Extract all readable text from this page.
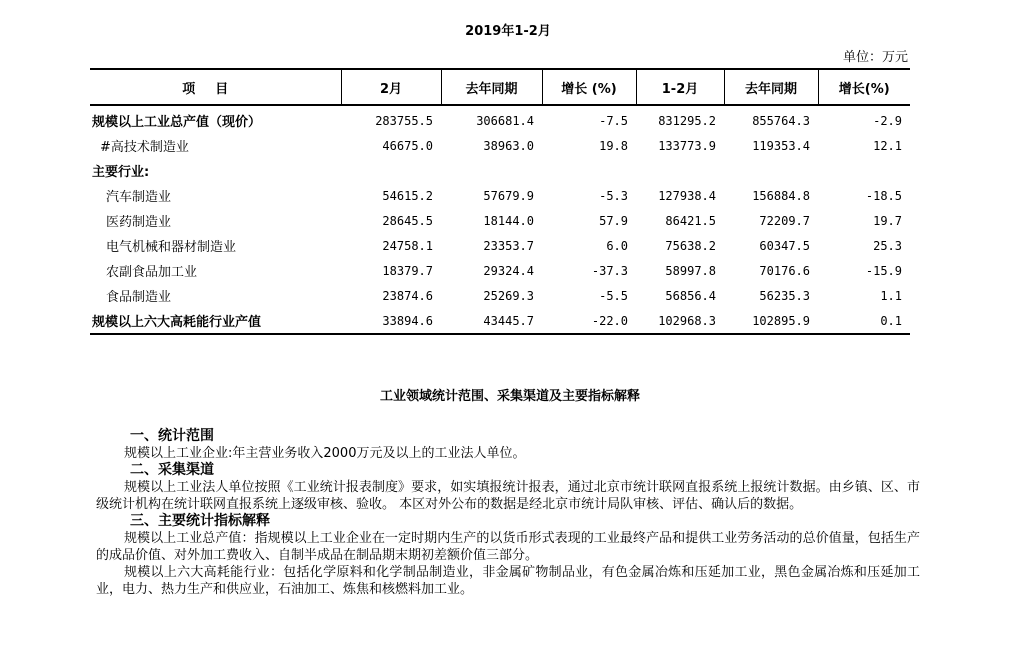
2019年1-2月
单位：万元
项目	2月	去年同期	增长 (%)	1-2月	去年同期	增长(%)
规模以上工业总产值（现价）	283755.5	306681.4	-7.5	831295.2	855764.3	-2.9
#高技术制造业	46675.0	38963.0	19.8	133773.9	119353.4	12.1
主要行业:						
汽车制造业	54615.2	57679.9	-5.3	127938.4	156884.8	-18.5
医药制造业	28645.5	18144.0	57.9	86421.5	72209.7	19.7
电气机械和器材制造业	24758.1	23353.7	6.0	75638.2	60347.5	25.3
农副食品加工业	18379.7	29324.4	-37.3	58997.8	70176.6	-15.9
食品制造业	23874.6	25269.3	-5.5	56856.4	56235.3	1.1
规模以上六大高耗能行业产值	33894.6	43445.7	-22.0	102968.3	102895.9	0.1
工业领域统计范围、采集渠道及主要指标解释
一、统计范围
规模以上工业企业:年主营业务收入2000万元及以上的工业法人单位。
二、采集渠道
规模以上工业法人单位按照《工业统计报表制度》要求，如实填报统计报表，通过北京市统计联网直报系统上报统计数据。由乡镇、区、市级统计机构在统计联网直报系统上逐级审核、验收。 本区对外公布的数据是经北京市统计局队审核、评估、确认后的数据。
三、主要统计指标解释
规模以上工业总产值：指规模以上工业企业在一定时期内生产的以货币形式表现的工业最终产品和提供工业劳务活动的总价值量，包括生产的成品价值、对外加工费收入、自制半成品在制品期末期初差额价值三部分。
规模以上六大高耗能行业：包括化学原料和化学制品制造业，非金属矿物制品业，有色金属冶炼和压延加工业，黑色金属冶炼和压延加工业，电力、热力生产和供应业，石油加工、炼焦和核燃料加工业。
